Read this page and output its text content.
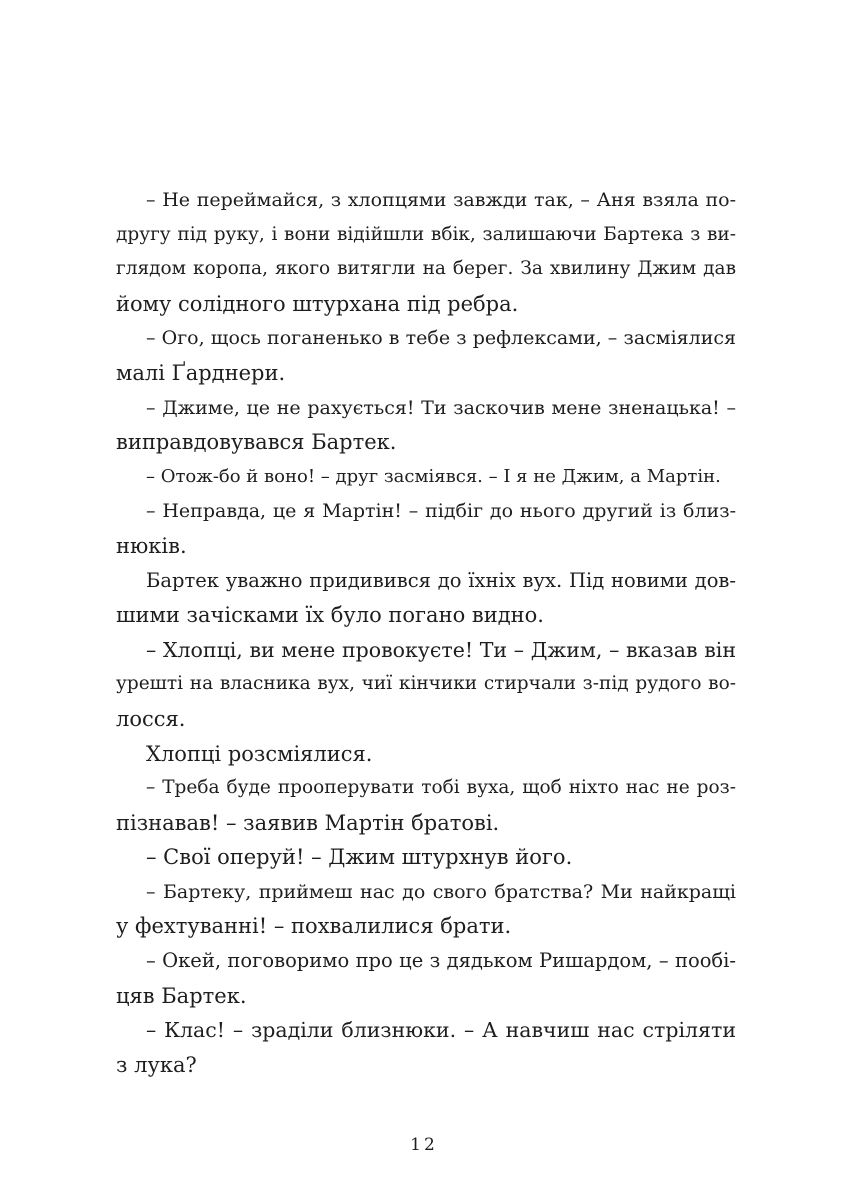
– Не переймайся, з хлопцями завжди так, – Аня взяла по-
другу під руку, і вони відійшли вбік, залишаючи Бартека з ви-
глядом коропа, якого витягли на берег. За хвилину Джим дав
йому солідного штурхана під ребра.
– Ого, щось поганенько в тебе з рефлексами, – засміялися
малі Ґарднери.
– Джиме, це не рахується! Ти заскочив мене зненацька! –
виправдовувався Бартек.
– Отож-бо й воно! – друг засміявся. – І я не Джим, а Мартін.
– Неправда, це я Мартін! – підбіг до нього другий із близ-
нюків.
Бартек уважно придивився до їхніх вух. Під новими дов-
шими зачісками їх було погано видно.
– Хлопці, ви мене провокуєте! Ти – Джим, – вказав він
урешті на власника вух, чиї кінчики стирчали з-під рудого во-
лосся.
Хлопці розсміялися.
– Треба буде прооперувати тобі вуха, щоб ніхто нас не роз-
пізнавав! – заявив Мартін братові.
– Свої оперуй! – Джим штурхнув його.
– Бартеку, приймеш нас до свого братства? Ми найкращі
у фехтуванні! – похвалилися брати.
– Окей, поговоримо про це з дядьком Ришардом, – пообі-
цяв Бартек.
– Клас! – зраділи близнюки. – А навчиш нас стріляти
з лука?
12
